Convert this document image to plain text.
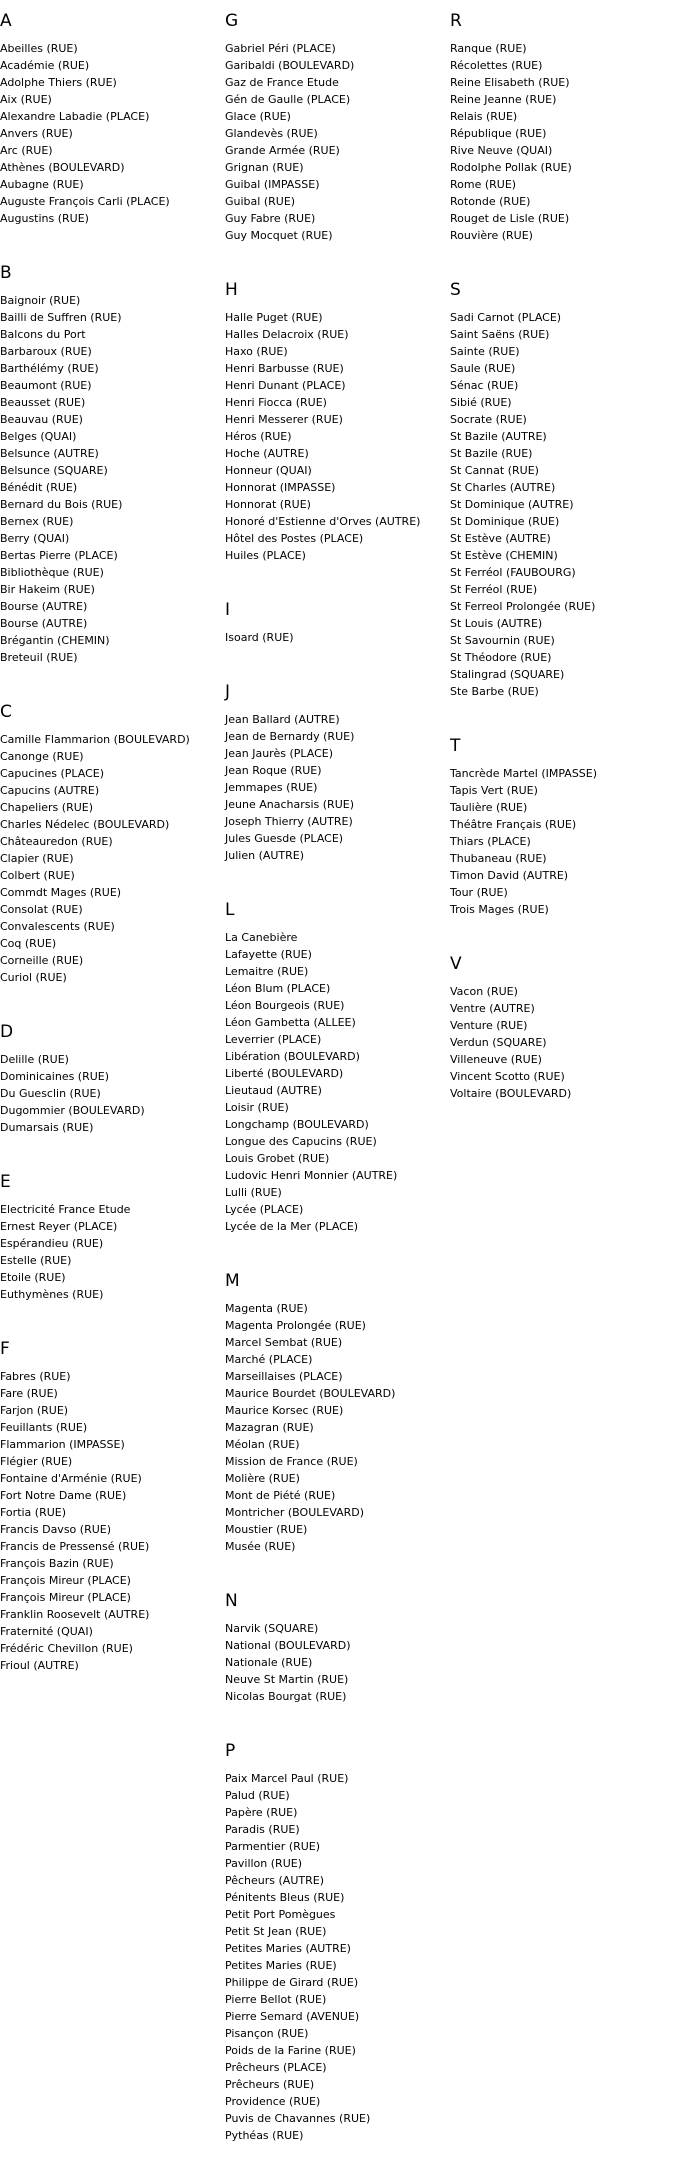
A
Abeilles (RUE)
Académie (RUE)
Adolphe Thiers (RUE)
Aix (RUE)
Alexandre Labadie (PLACE)
Anvers (RUE)
Arc (RUE)
Athènes (BOULEVARD)
Aubagne (RUE)
Auguste François Carli (PLACE)
Augustins (RUE)
B
Baignoir (RUE)
Bailli de Suffren (RUE)
Balcons du Port
Barbaroux (RUE)
Barthélémy (RUE)
Beaumont (RUE)
Beausset (RUE)
Beauvau (RUE)
Belges (QUAI)
Belsunce (AUTRE)
Belsunce (SQUARE)
Bénédit (RUE)
Bernard du Bois (RUE)
Bernex (RUE)
Berry (QUAI)
Bertas Pierre (PLACE)
Bibliothèque (RUE)
Bir Hakeim (RUE)
Bourse (AUTRE)
Bourse (AUTRE)
Brégantin (CHEMIN)
Breteuil (RUE)
C
Camille Flammarion (BOULEVARD)
Canonge (RUE)
Capucines (PLACE)
Capucins (AUTRE)
Chapeliers (RUE)
Charles Nédelec (BOULEVARD)
Châteauredon (RUE)
Clapier (RUE)
Colbert (RUE)
Commdt Mages (RUE)
Consolat (RUE)
Convalescents (RUE)
Coq (RUE)
Corneille (RUE)
Curiol (RUE)
D
Delille (RUE)
Dominicaines (RUE)
Du Guesclin (RUE)
Dugommier (BOULEVARD)
Dumarsais (RUE)
E
Electricité France Etude
Ernest Reyer (PLACE)
Espérandieu (RUE)
Estelle (RUE)
Etoile (RUE)
Euthymènes (RUE)
F
Fabres (RUE)
Fare (RUE)
Farjon (RUE)
Feuillants (RUE)
Flammarion (IMPASSE)
Flégier (RUE)
Fontaine d'Arménie (RUE)
Fort Notre Dame (RUE)
Fortia (RUE)
Francis Davso (RUE)
Francis de Pressensé (RUE)
François Bazin (RUE)
François Mireur (PLACE)
François Mireur (PLACE)
Franklin Roosevelt (AUTRE)
Fraternité (QUAI)
Frédéric Chevillon (RUE)
Frioul (AUTRE)
G
Gabriel Péri (PLACE)
Garibaldi (BOULEVARD)
Gaz de France Etude
Gén de Gaulle (PLACE)
Glace (RUE)
Glandevès (RUE)
Grande Armée (RUE)
Grignan (RUE)
Guibal (IMPASSE)
Guibal (RUE)
Guy Fabre (RUE)
Guy Mocquet (RUE)
H
Halle Puget (RUE)
Halles Delacroix (RUE)
Haxo (RUE)
Henri Barbusse (RUE)
Henri Dunant (PLACE)
Henri Fiocca (RUE)
Henri Messerer (RUE)
Héros (RUE)
Hoche (AUTRE)
Honneur (QUAI)
Honnorat (IMPASSE)
Honnorat (RUE)
Honoré d'Estienne d'Orves (AUTRE)
Hôtel des Postes (PLACE)
Huiles (PLACE)
I
Isoard (RUE)
J
Jean Ballard (AUTRE)
Jean de Bernardy (RUE)
Jean Jaurès (PLACE)
Jean Roque (RUE)
Jemmapes (RUE)
Jeune Anacharsis (RUE)
Joseph Thierry (AUTRE)
Jules Guesde (PLACE)
Julien (AUTRE)
L
La Canebière
Lafayette (RUE)
Lemaitre (RUE)
Léon Blum (PLACE)
Léon Bourgeois (RUE)
Léon Gambetta (ALLEE)
Leverrier (PLACE)
Libération (BOULEVARD)
Liberté (BOULEVARD)
Lieutaud (AUTRE)
Loisir (RUE)
Longchamp (BOULEVARD)
Longue des Capucins (RUE)
Louis Grobet (RUE)
Ludovic Henri Monnier (AUTRE)
Lulli (RUE)
Lycée (PLACE)
Lycée de la Mer (PLACE)
M
Magenta (RUE)
Magenta Prolongée (RUE)
Marcel Sembat (RUE)
Marché (PLACE)
Marseillaises (PLACE)
Maurice Bourdet (BOULEVARD)
Maurice Korsec (RUE)
Mazagran (RUE)
Méolan (RUE)
Mission de France (RUE)
Molière (RUE)
Mont de Piété (RUE)
Montricher (BOULEVARD)
Moustier (RUE)
Musée (RUE)
N
Narvik (SQUARE)
National (BOULEVARD)
Nationale (RUE)
Neuve St Martin (RUE)
Nicolas Bourgat (RUE)
P
Paix Marcel Paul (RUE)
Palud (RUE)
Papère (RUE)
Paradis (RUE)
Parmentier (RUE)
Pavillon (RUE)
Pêcheurs (AUTRE)
Pénitents Bleus (RUE)
Petit Port Pomègues
Petit St Jean (RUE)
Petites Maries (AUTRE)
Petites Maries (RUE)
Philippe de Girard (RUE)
Pierre Bellot (RUE)
Pierre Semard (AVENUE)
Pisançon (RUE)
Poids de la Farine (RUE)
Prêcheurs (PLACE)
Prêcheurs (RUE)
Providence (RUE)
Puvis de Chavannes (RUE)
Pythéas (RUE)
R
Ranque (RUE)
Récolettes (RUE)
Reine Elisabeth (RUE)
Reine Jeanne (RUE)
Relais (RUE)
République (RUE)
Rive Neuve (QUAI)
Rodolphe Pollak (RUE)
Rome (RUE)
Rotonde (RUE)
Rouget de Lisle (RUE)
Rouvière (RUE)
S
Sadi Carnot (PLACE)
Saint Saëns (RUE)
Sainte (RUE)
Saule (RUE)
Sénac (RUE)
Sibié (RUE)
Socrate (RUE)
St Bazile (AUTRE)
St Bazile (RUE)
St Cannat (RUE)
St Charles (AUTRE)
St Dominique (AUTRE)
St Dominique (RUE)
St Estève (AUTRE)
St Estève (CHEMIN)
St Ferréol (FAUBOURG)
St Ferréol (RUE)
St Ferreol Prolongée (RUE)
St Louis (AUTRE)
St Savournin (RUE)
St Théodore (RUE)
Stalingrad (SQUARE)
Ste Barbe (RUE)
T
Tancrède Martel (IMPASSE)
Tapis Vert (RUE)
Taulière (RUE)
Théâtre Français (RUE)
Thiars (PLACE)
Thubaneau (RUE)
Timon David (AUTRE)
Tour (RUE)
Trois Mages (RUE)
V
Vacon (RUE)
Ventre (AUTRE)
Venture (RUE)
Verdun (SQUARE)
Villeneuve (RUE)
Vincent Scotto (RUE)
Voltaire (BOULEVARD)
